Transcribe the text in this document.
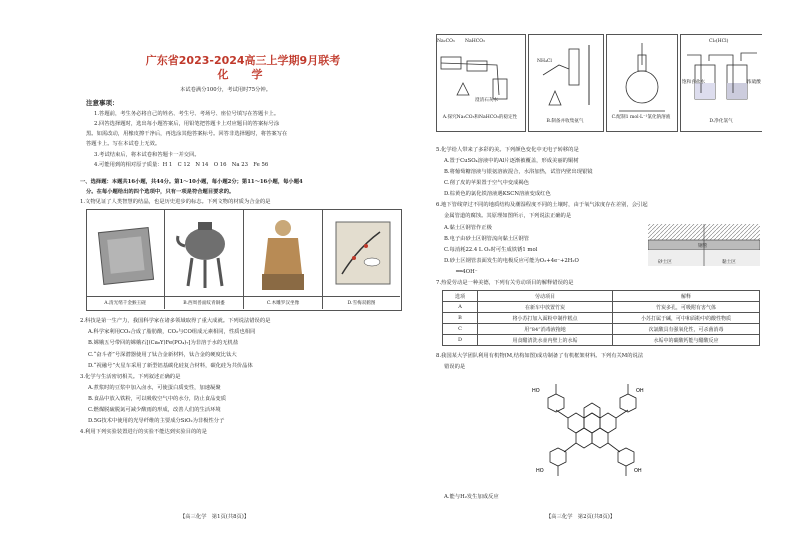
广东省2023-2024高三上学期9月联考
化　学
本试卷满分100分，考试用时75分钟。
注意事项：
1.答题前，考生务必将自己的姓名、考生号、考场号、座位号填写在答题卡上。
2.回答选择题时，选出每小题答案后，用铅笔把答题卡上对应题目的答案标号涂
黑。如需改动，用橡皮擦干净后，再选涂其他答案标号。回答非选择题时，将答案写在
答题卡上。写在本试卷上无效。
3.考试结束后，将本试卷和答题卡一并交回。
4.可能用到的相对原子质量：H 1　C 12　N 14　O 16　Na 23　Fe 56
一、选择题：本题共16小题，共44分。第1～10小题，每小题2分；第11～16小题，每小题4
分。在每小题给出的四个选项中，只有一项是符合题目要求的。
1.文物见证了人类智慧的结晶，也是历史进步的标志。下列文物的材质为合金的是
A.清光绪千金猴王砚	B.西周兽面纹青铜盉	C.木雕罗汉坐像	D.雪梅双鹤图
2.科技是第一生产力，我国科学家在诸多领域取得了重大成就。下列说法错误的是
A.科学家利用CO₂合成了脂肪酸，CO₂与CO组成元素相同，性质也相同
B.嫦娥五号带回的嫦娥石[(Ca₈Y)Fe(PO₄)₇]为非溶于水的无机盐
C.“奋斗者”号深潜器使用了钛合金新材料，钛合金的硬度比钛大
D.“祝融号”火星车采用了新型铝基碳化硅复合材料，碳化硅为共价晶体
3.化学与生活密切相关。下列叙述正确的是
A.煮浆时的豆浆中加入卤水，可使蛋白质变性，加速凝聚
B.食品中放入铁粉，可以吸收空气中的水分，防止食品变质
C.燃煤脱硫脱氮可减少酸雨的形成，改善人们的生活环境
D.5G技术中使用的光导纤维的主要成分SiO₂为非极性分子
4.利用下列实验装置进行的实验不能达到实验目的的是
【高三化学　第1页(共8页)】
Na₂CO₃ NaHCO₃
澄清石灰水
NH₄Cl
Cl₂(HCl)
饱和食盐水	浓硫酸
A.探究Na₂CO₃和NaHCO₃的稳定性
B.制备并收集氨气
C.配制1 mol·L⁻¹氯化钠溶液
D.净化氯气
5.化学给人带来了多彩的美。下列颜色变化中无电子转移的是
A.置于CuSO₄溶液中的Al片逐渐被覆盖，形成美丽的铜树
B.将葡萄糖溶液与银氨溶液混合，水浴加热，试管内壁出现银镜
C.削了皮的苹果置于空气中变成褐色
D.棕黄色的氯化铁溶液遇KSCN溶液变成红色
6.地下管线穿过不同的地质结构及潮湿程度不同的土壤时，由于氧气浓度存在差别，会引起
金属管道的腐蚀。其原理如图所示，下列说法正确的是
A.黏土区钢管作正极
B.电子由砂土区钢管流向黏土区钢管
C.每消耗22.4 L O₂时可生成铁锈1 mol
D.砂土区钢管表面发生的电极反应可能为O₂+4e⁻+2H₂O
══4OH⁻
砂土区
钢管
黏土区
7.热爱劳动是一种美德，下列有关劳动项目的解释错误的是
选项	劳动项目	解释
A	在新车中放置竹炭	竹炭多孔，可吸附有害气体
B	将小苏打加入面粉中制作糕点	小苏打属于碱，可中和面粉中的酸性物质
C	用“84”消毒液拖地	次氯酸具有强氧化性，可杀菌消毒
D	用食醋清洗水壶内壁上的水垢	水垢中的碳酸钙能与醋酸反应
8.我国某大学团队利用有机物(M,结构如图)成功制备了有机框架材料。下列有关M的说法
错误的是
HO	OH
HO	OH
A.能与H₂发生加成反应
【高三化学　第2页(共8页)】
